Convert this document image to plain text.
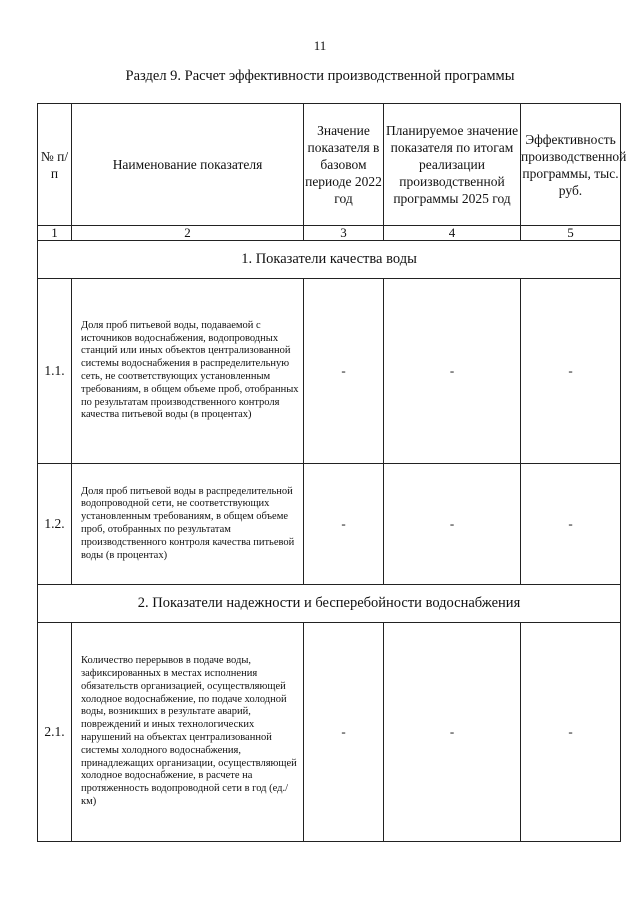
11
Раздел 9. Расчет эффективности производственной программы
№ п/п	Наименование показателя	Значение показателя в базовом периоде 2022 год	Планируемое значение показателя по итогам реализации производственной программы 2025 год	Эффективность производственной программы, тыс. руб.
1	2	3	4	5
1. Показатели качества воды				
1.1.	Доля проб питьевой воды, подаваемой с источников водоснабжения, водопроводных станций или иных объектов централизованной системы водоснабжения в распределительную сеть, не соответствующих установленным требованиям, в общем объеме проб, отобранных по результатам производственного контроля качества питьевой воды (в процентах)	-	-	-
1.2.	Доля проб питьевой воды в распределительной водопроводной сети, не соответствующих установленным требованиям, в общем объеме проб, отобранных по результатам производственного контроля качества питьевой воды (в процентах)	-	-	-
2. Показатели надежности и бесперебойности водоснабжения				
2.1.	Количество перерывов в подаче воды, зафиксированных в местах исполнения обязательств организацией, осуществляющей холодное водоснабжение, по подаче холодной воды, возникших в результате аварий, повреждений и иных технологических нарушений на объектах централизованной системы холодного водоснабжения, принадлежащих организации, осуществляющей холодное водоснабжение, в расчете на протяженность водопроводной сети в год (ед./км)	-	-	-
